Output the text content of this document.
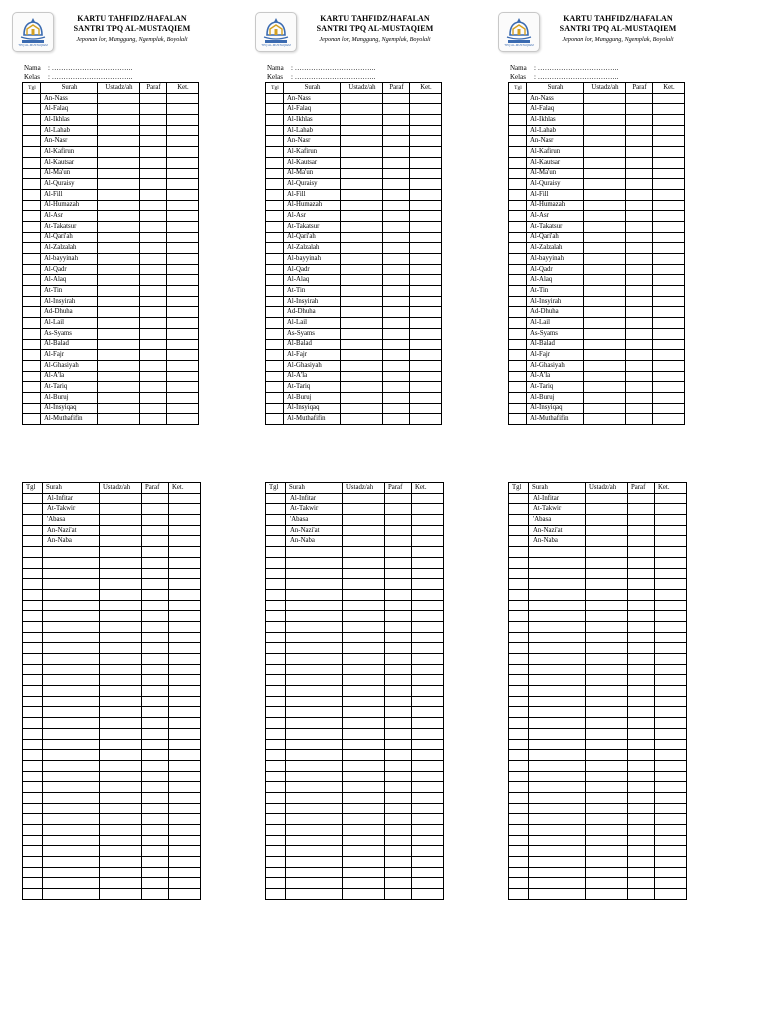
TPQ AL-MUSTAQIEM
KARTU TAHFIDZ/HAFALAN
SANTRI TPQ AL-MUSTAQIEM
Jeponan lor, Manggung, Ngemplak, Boyolali
Nama : ……………………………..
Kelas : ……………………………..
Tgl	Surah	Ustadz/ah	Paraf	Ket.
	An-Nass			
	Al-Falaq			
	Al-Ikhlas			
	Al-Lahab			
	An-Nasr			
	Al-Kafirun			
	Al-Kautsar			
	Al-Ma'un			
	Al-Quraisy			
	Al-Fill			
	Al-Humazah			
	Al-Asr			
	At-Takatsur			
	Al-Qari'ah			
	Al-Zalzalah			
	Al-bayyinah			
	Al-Qadr			
	Al-Alaq			
	At-Tin			
	Al-Insyirah			
	Ad-Dhuha			
	Al-Lail			
	As-Syams			
	Al-Balad			
	Al-Fajr			
	Al-Ghasiyah			
	Al-A'la			
	At-Tariq			
	Al-Buruj			
	Al-Insyiqaq			
	Al-Muthafifin			
TPQ AL-MUSTAQIEM
KARTU TAHFIDZ/HAFALAN
SANTRI TPQ AL-MUSTAQIEM
Jeponan lor, Manggung, Ngemplak, Boyolali
Nama : ……………………………..
Kelas : ……………………………..
Tgl	Surah	Ustadz/ah	Paraf	Ket.
	An-Nass			
	Al-Falaq			
	Al-Ikhlas			
	Al-Lahab			
	An-Nasr			
	Al-Kafirun			
	Al-Kautsar			
	Al-Ma'un			
	Al-Quraisy			
	Al-Fill			
	Al-Humazah			
	Al-Asr			
	At-Takatsur			
	Al-Qari'ah			
	Al-Zalzalah			
	Al-bayyinah			
	Al-Qadr			
	Al-Alaq			
	At-Tin			
	Al-Insyirah			
	Ad-Dhuha			
	Al-Lail			
	As-Syams			
	Al-Balad			
	Al-Fajr			
	Al-Ghasiyah			
	Al-A'la			
	At-Tariq			
	Al-Buruj			
	Al-Insyiqaq			
	Al-Muthafifin			
TPQ AL-MUSTAQIEM
KARTU TAHFIDZ/HAFALAN
SANTRI TPQ AL-MUSTAQIEM
Jeponan lor, Manggung, Ngemplak, Boyolali
Nama : ……………………………..
Kelas : ……………………………..
Tgl	Surah	Ustadz/ah	Paraf	Ket.
	An-Nass			
	Al-Falaq			
	Al-Ikhlas			
	Al-Lahab			
	An-Nasr			
	Al-Kafirun			
	Al-Kautsar			
	Al-Ma'un			
	Al-Quraisy			
	Al-Fill			
	Al-Humazah			
	Al-Asr			
	At-Takatsur			
	Al-Qari'ah			
	Al-Zalzalah			
	Al-bayyinah			
	Al-Qadr			
	Al-Alaq			
	At-Tin			
	Al-Insyirah			
	Ad-Dhuha			
	Al-Lail			
	As-Syams			
	Al-Balad			
	Al-Fajr			
	Al-Ghasiyah			
	Al-A'la			
	At-Tariq			
	Al-Buruj			
	Al-Insyiqaq			
	Al-Muthafifin			
Tgl	Surah	Ustadz/ah	Paraf	Ket.
	Al-Infitar			
	At-Takwir			
	'Abasa			
	An-Nazi'at			
	An-Naba			

Tgl	Surah	Ustadz/ah	Paraf	Ket.
	Al-Infitar			
	At-Takwir			
	'Abasa			
	An-Nazi'at			
	An-Naba			

Tgl	Surah	Ustadz/ah	Paraf	Ket.
	Al-Infitar			
	At-Takwir			
	'Abasa			
	An-Nazi'at			
	An-Naba			
